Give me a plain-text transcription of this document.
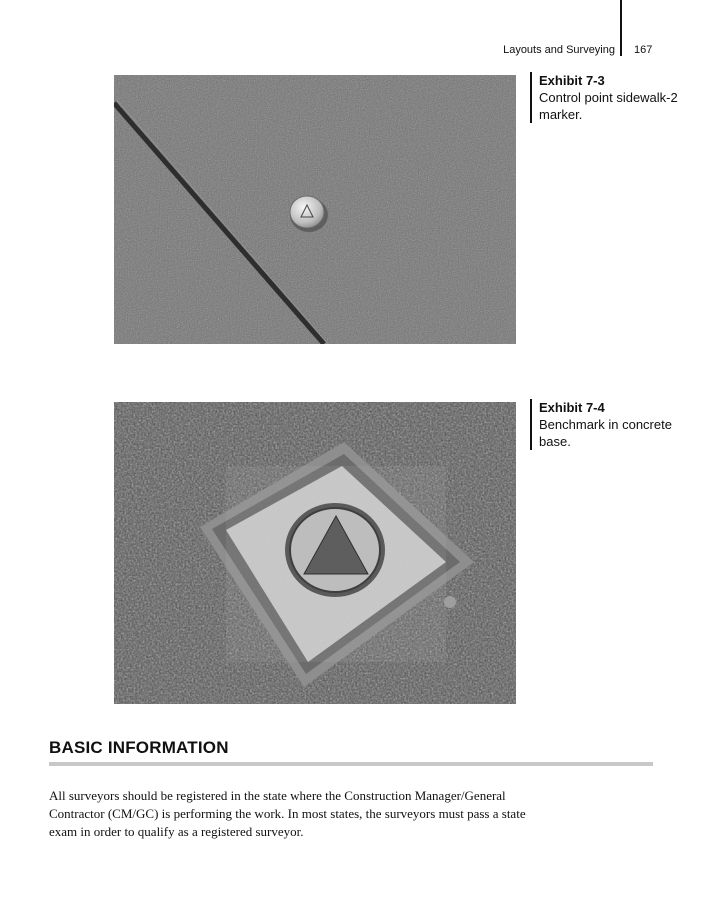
Layouts and Surveying 167
Exhibit 7-3
Control point sidewalk-2 marker.
Exhibit 7-4
Benchmark in concrete base.
BASIC INFORMATION
All surveyors should be registered in the state where the Construction Manager/General Contractor (CM/GC) is performing the work. In most states, the surveyors must pass a state exam in order to qualify as a registered surveyor.
